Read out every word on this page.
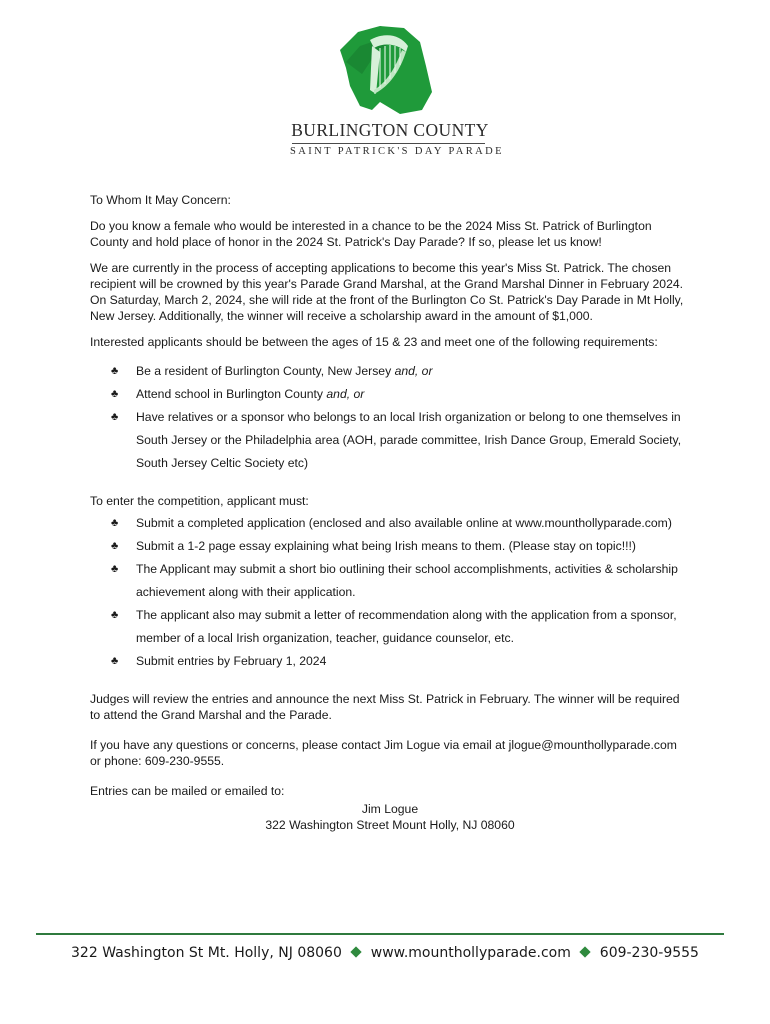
BURLINGTON COUNTY
SAINT PATRICK'S DAY PARADE

To Whom It May Concern:

Do you know a female who would be interested in a chance to be the 2024 Miss St. Patrick of Burlington County and hold place of honor in the 2024 St. Patrick's Day Parade? If so, please let us know!

We are currently in the process of accepting applications to become this year's Miss St. Patrick. The chosen recipient will be crowned by this year's Parade Grand Marshal, at the Grand Marshal Dinner in February 2024. On Saturday, March 2, 2024, she will ride at the front of the Burlington Co St. Patrick's Day Parade in Mt Holly, New Jersey. Additionally, the winner will receive a scholarship award in the amount of $1,000.

Interested applicants should be between the ages of 15 & 23 and meet one of the following requirements:

♣ Be a resident of Burlington County, New Jersey and, or
♣ Attend school in Burlington County and, or
♣ Have relatives or a sponsor who belongs to an local Irish organization or belong to one themselves in South Jersey or the Philadelphia area (AOH, parade committee, Irish Dance Group, Emerald Society, South Jersey Celtic Society etc)

To enter the competition, applicant must:

♣ Submit a completed application (enclosed and also available online at www.mounthollyparade.com)
♣ Submit a 1-2 page essay explaining what being Irish means to them. (Please stay on topic!!!)
♣ The Applicant may submit a short bio outlining their school accomplishments, activities & scholarship achievement along with their application.
♣ The applicant also may submit a letter of recommendation along with the application from a sponsor, member of a local Irish organization, teacher, guidance counselor, etc.
♣ Submit entries by February 1, 2024

Judges will review the entries and announce the next Miss St. Patrick in February. The winner will be required to attend the Grand Marshal and the Parade.

If you have any questions or concerns, please contact Jim Logue via email at jlogue@mounthollyparade.com or phone: 609-230-9555.

Entries can be mailed or emailed to:

Jim Logue
322 Washington Street Mount Holly, NJ 08060
322 Washington St Mt. Holly, NJ 08060 www.mounthollyparade.com 609-230-9555
